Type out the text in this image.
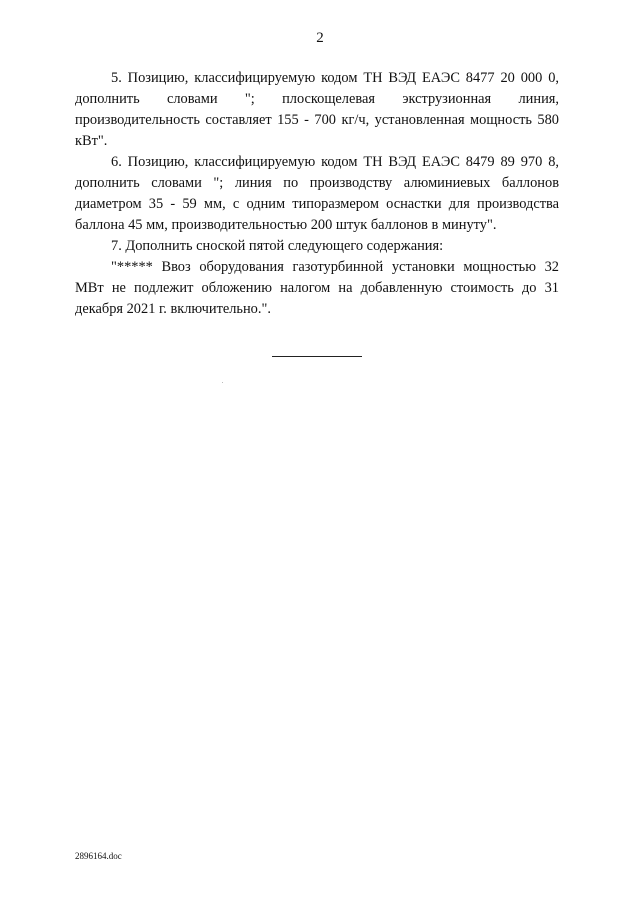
2

5. Позицию, классифицируемую кодом ТН ВЭД ЕАЭС 8477 20 000 0, дополнить словами "; плоскощелевая экструзионная линия, производительность составляет 155 - 700 кг/ч, установленная мощность 580 кВт".

6. Позицию, классифицируемую кодом ТН ВЭД ЕАЭС 8479 89 970 8, дополнить словами "; линия по производству алюминиевых баллонов диаметром 35 - 59 мм, с одним типоразмером оснастки для производства баллона 45 мм, производительностью 200 штук баллонов в минуту".

7. Дополнить сноской пятой следующего содержания:

"***** Ввоз оборудования газотурбинной установки мощностью 32 МВт не подлежит обложению налогом на добавленную стоимость до 31 декабря 2021 г. включительно.".

2896164.doc
